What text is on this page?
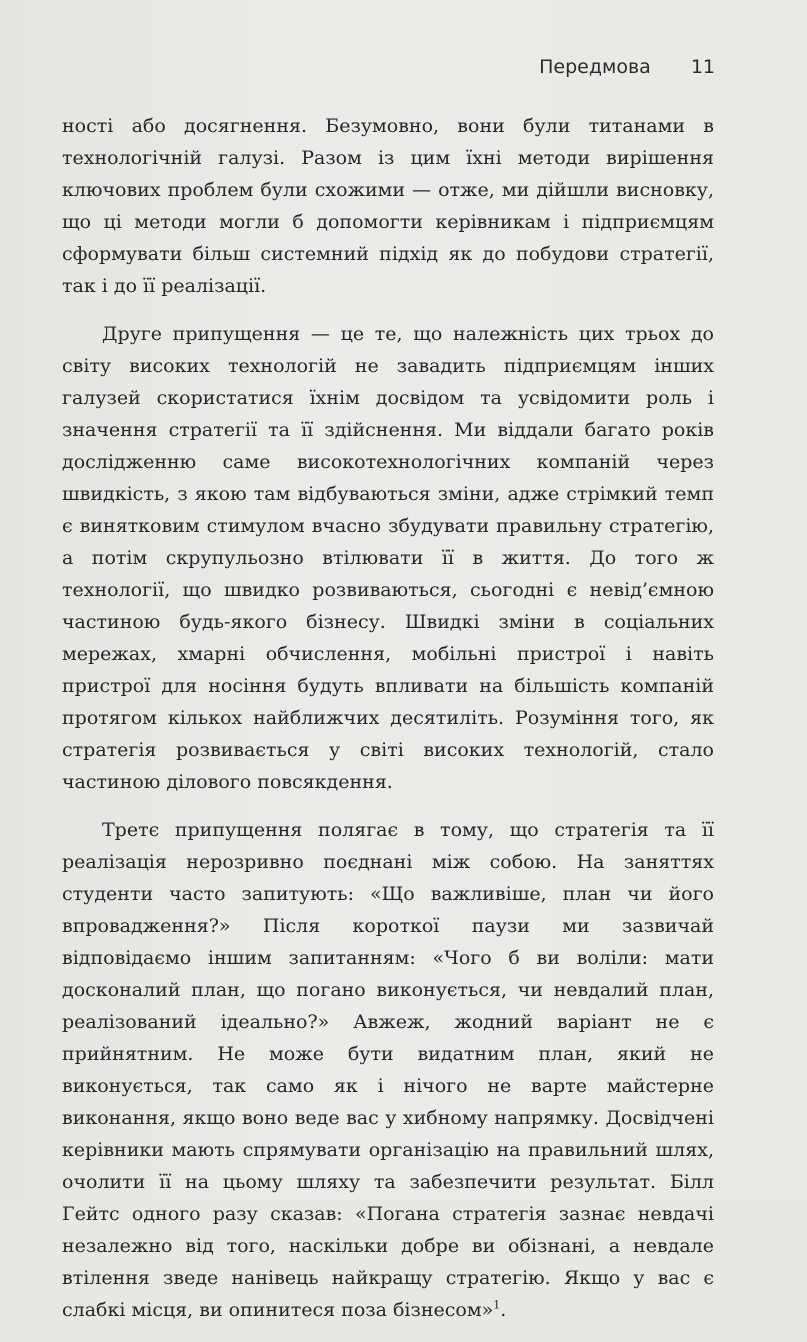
Передмова 11

ності або досягнення. Безумовно, вони були титанами в технологічній галузі. Разом із цим їхні методи вирішення ключових проблем були схожими — отже, ми дійшли висновку, що ці методи могли б допомогти керівникам і підприємцям сформувати більш системний підхід як до побудови стратегії, так і до її реалізації.

Друге припущення — це те, що належність цих трьох до світу високих технологій не завадить підприємцям інших галузей скористатися їхнім досвідом та усвідомити роль і значення стратегії та її здійснення. Ми віддали багато років дослідженню саме високотехнологічних компаній через швидкість, з якою там відбуваються зміни, адже стрімкий темп є винятковим стимулом вчасно збудувати правильну стратегію, а потім скрупульозно втілювати її в життя. До того ж технології, що швидко розвиваються, сьогодні є невід’ємною частиною будь-якого бізнесу. Швидкі зміни в соціальних мережах, хмарні обчислення, мобільні пристрої і навіть пристрої для носіння будуть впливати на більшість компаній протягом кількох найближчих десятиліть. Розуміння того, як стратегія розвивається у світі високих технологій, стало частиною ділового повсякдення.

Третє припущення полягає в тому, що стратегія та її реалізація нерозривно поєднані між собою. На заняттях студенти часто запитують: «Що важливіше, план чи його впровадження?» Після короткої паузи ми зазвичай відповідаємо іншим запитанням: «Чого б ви воліли: мати досконалий план, що погано виконується, чи невдалий план, реалізований ідеально?» Авжеж, жодний варіант не є прийнятним. Не може бути видатним план, який не виконується, так само як і нічого не варте майстерне виконання, якщо воно веде вас у хибному напрямку. Досвідчені керівники мають спрямувати організацію на правильний шлях, очолити її на цьому шляху та забезпечити результат. Білл Гейтс одного разу сказав: «Погана стратегія зазнає невдачі незалежно від того, наскільки добре ви обізнані, а невдале втілення зведе нанівець найкращу стратегію. Якщо у вас є слабкі місця, ви опинитеся поза бізнесом»$^1$.
